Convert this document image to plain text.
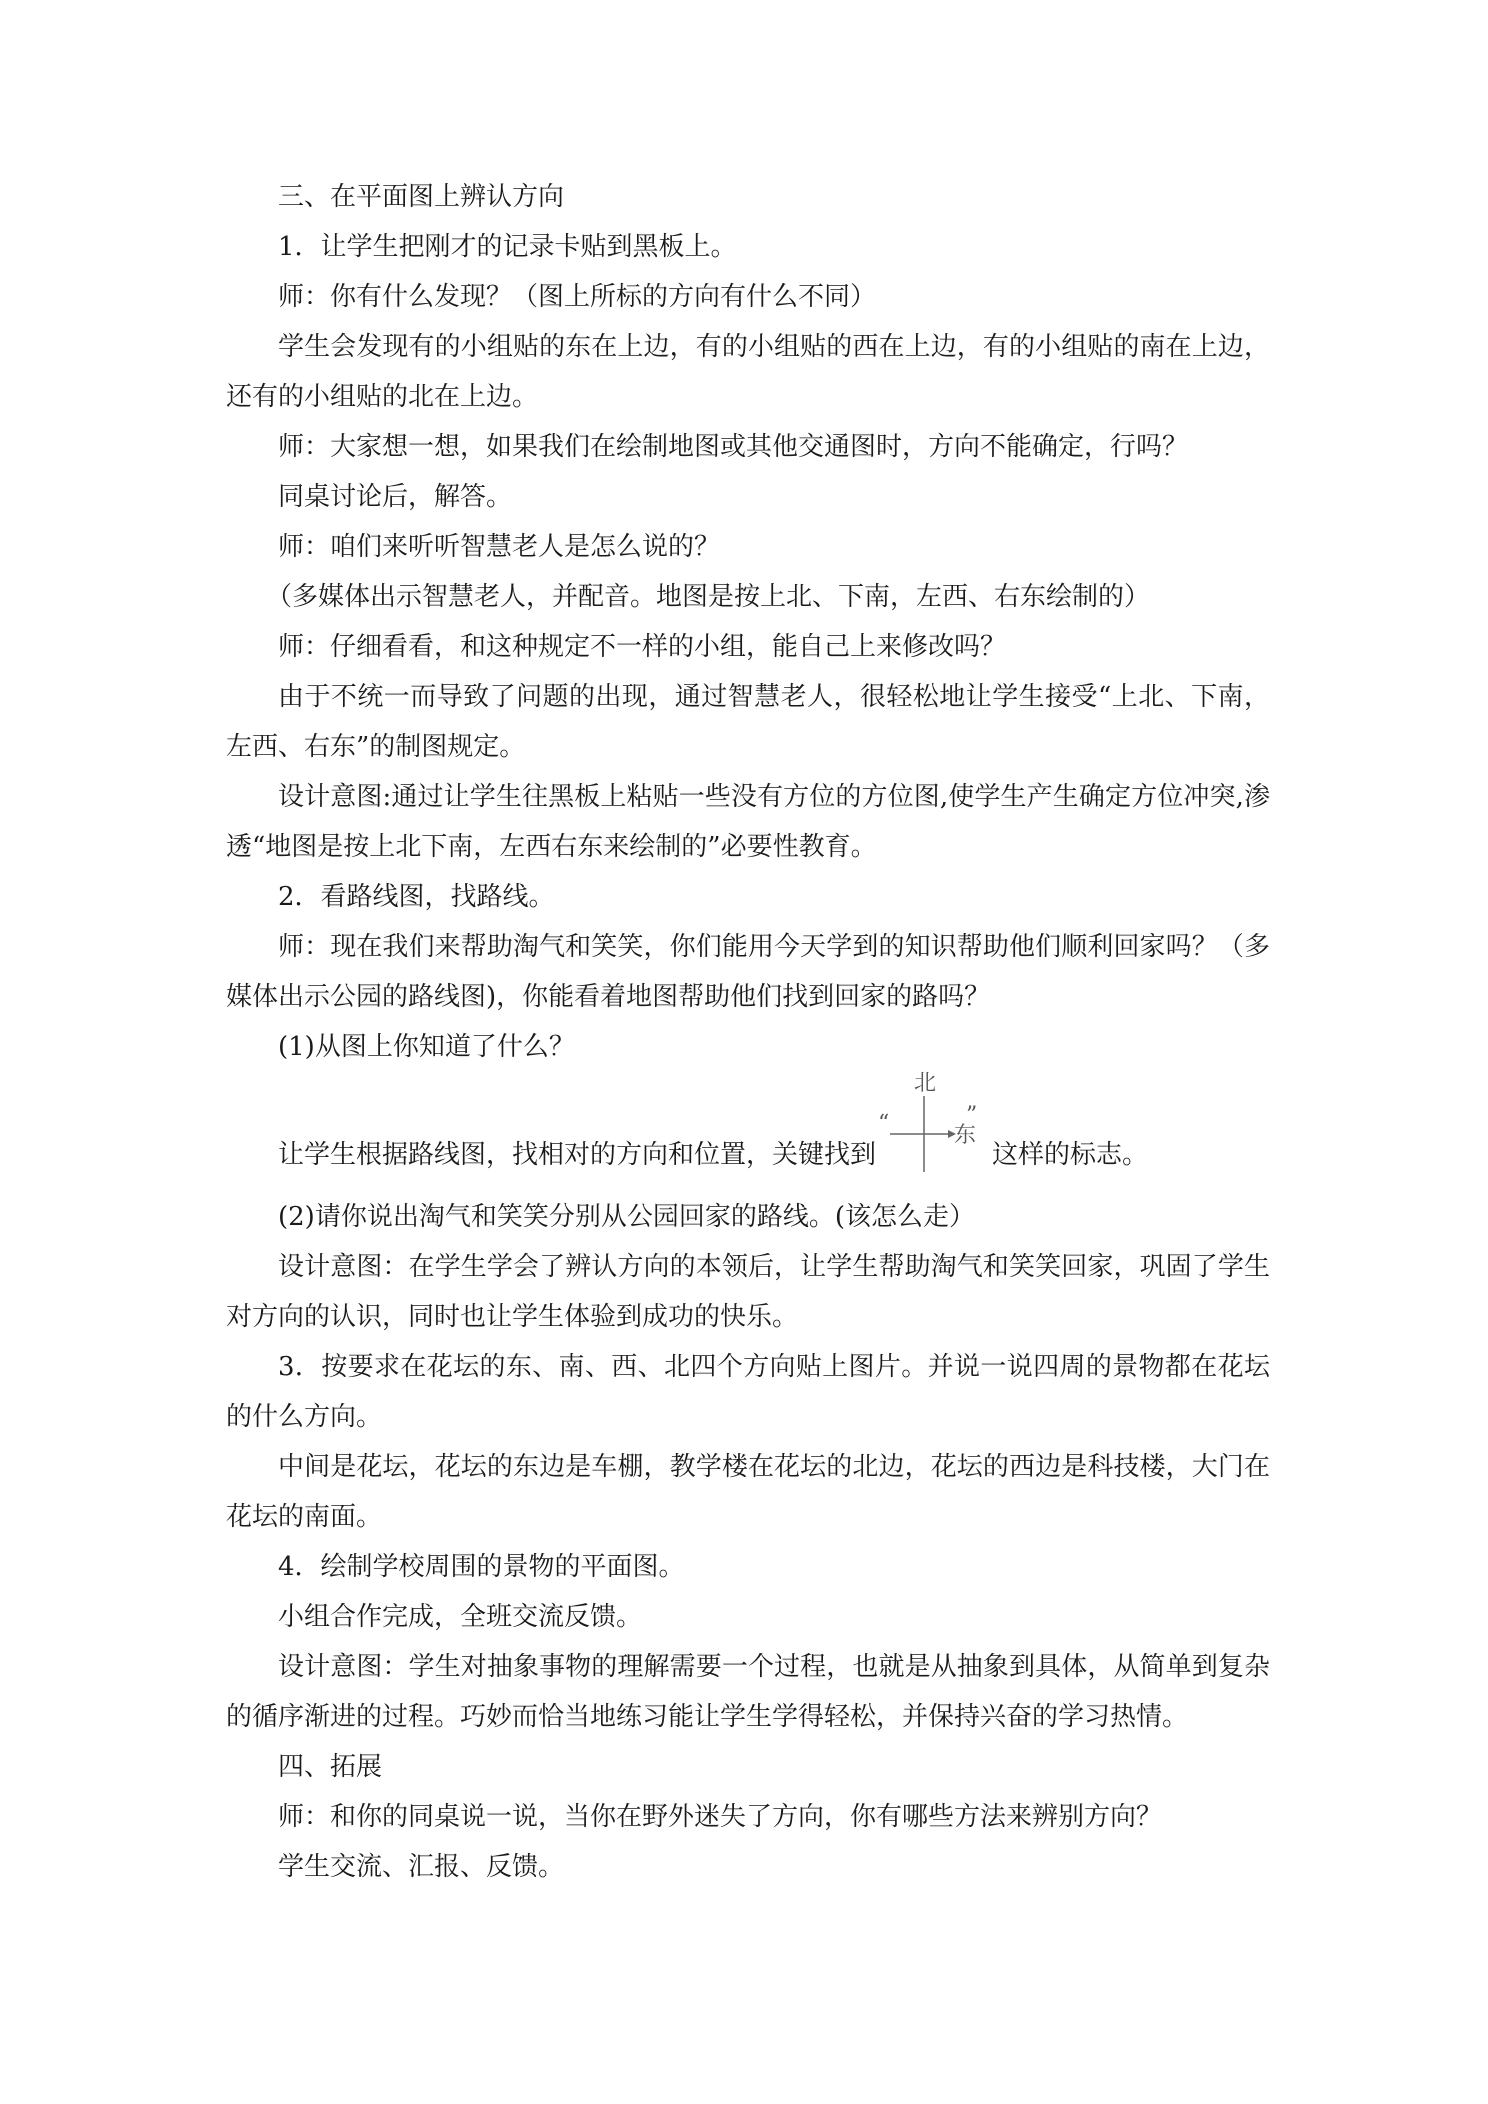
三、在平面图上辨认方向

1．让学生把刚才的记录卡贴到黑板上。

师：你有什么发现？（图上所标的方向有什么不同）

学生会发现有的小组贴的东在上边，有的小组贴的西在上边，有的小组贴的南在上边，还有的小组贴的北在上边。

师：大家想一想，如果我们在绘制地图或其他交通图时，方向不能确定，行吗？

同桌讨论后，解答。

师：咱们来听听智慧老人是怎么说的？

（多媒体出示智慧老人，并配音。地图是按上北、下南，左西、右东绘制的）

师：仔细看看，和这种规定不一样的小组，能自己上来修改吗？

由于不统一而导致了问题的出现，通过智慧老人，很轻松地让学生接受“上北、下南，左西、右东”的制图规定。

设计意图:通过让学生往黑板上粘贴一些没有方位的方位图,使学生产生确定方位冲突,渗透“地图是按上北下南，左西右东来绘制的”必要性教育。

2．看路线图，找路线。

师：现在我们来帮助淘气和笑笑，你们能用今天学到的知识帮助他们顺利回家吗？（多媒体出示公园的路线图)，你能看着地图帮助他们找到回家的路吗？

(1)从图上你知道了什么？

让学生根据路线图，找相对的方向和位置，关键找到
北
“	东
”
这样的标志。

(2)请你说出淘气和笑笑分别从公园回家的路线。(该怎么走）

设计意图：在学生学会了辨认方向的本领后，让学生帮助淘气和笑笑回家，巩固了学生对方向的认识，同时也让学生体验到成功的快乐。

3．按要求在花坛的东、南、西、北四个方向贴上图片。并说一说四周的景物都在花坛的什么方向。

中间是花坛，花坛的东边是车棚，教学楼在花坛的北边，花坛的西边是科技楼，大门在花坛的南面。

4．绘制学校周围的景物的平面图。

小组合作完成，全班交流反馈。

设计意图：学生对抽象事物的理解需要一个过程，也就是从抽象到具体，从简单到复杂的循序渐进的过程。巧妙而恰当地练习能让学生学得轻松，并保持兴奋的学习热情。

四、拓展

师：和你的同桌说一说，当你在野外迷失了方向，你有哪些方法来辨别方向？

学生交流、汇报、反馈。
